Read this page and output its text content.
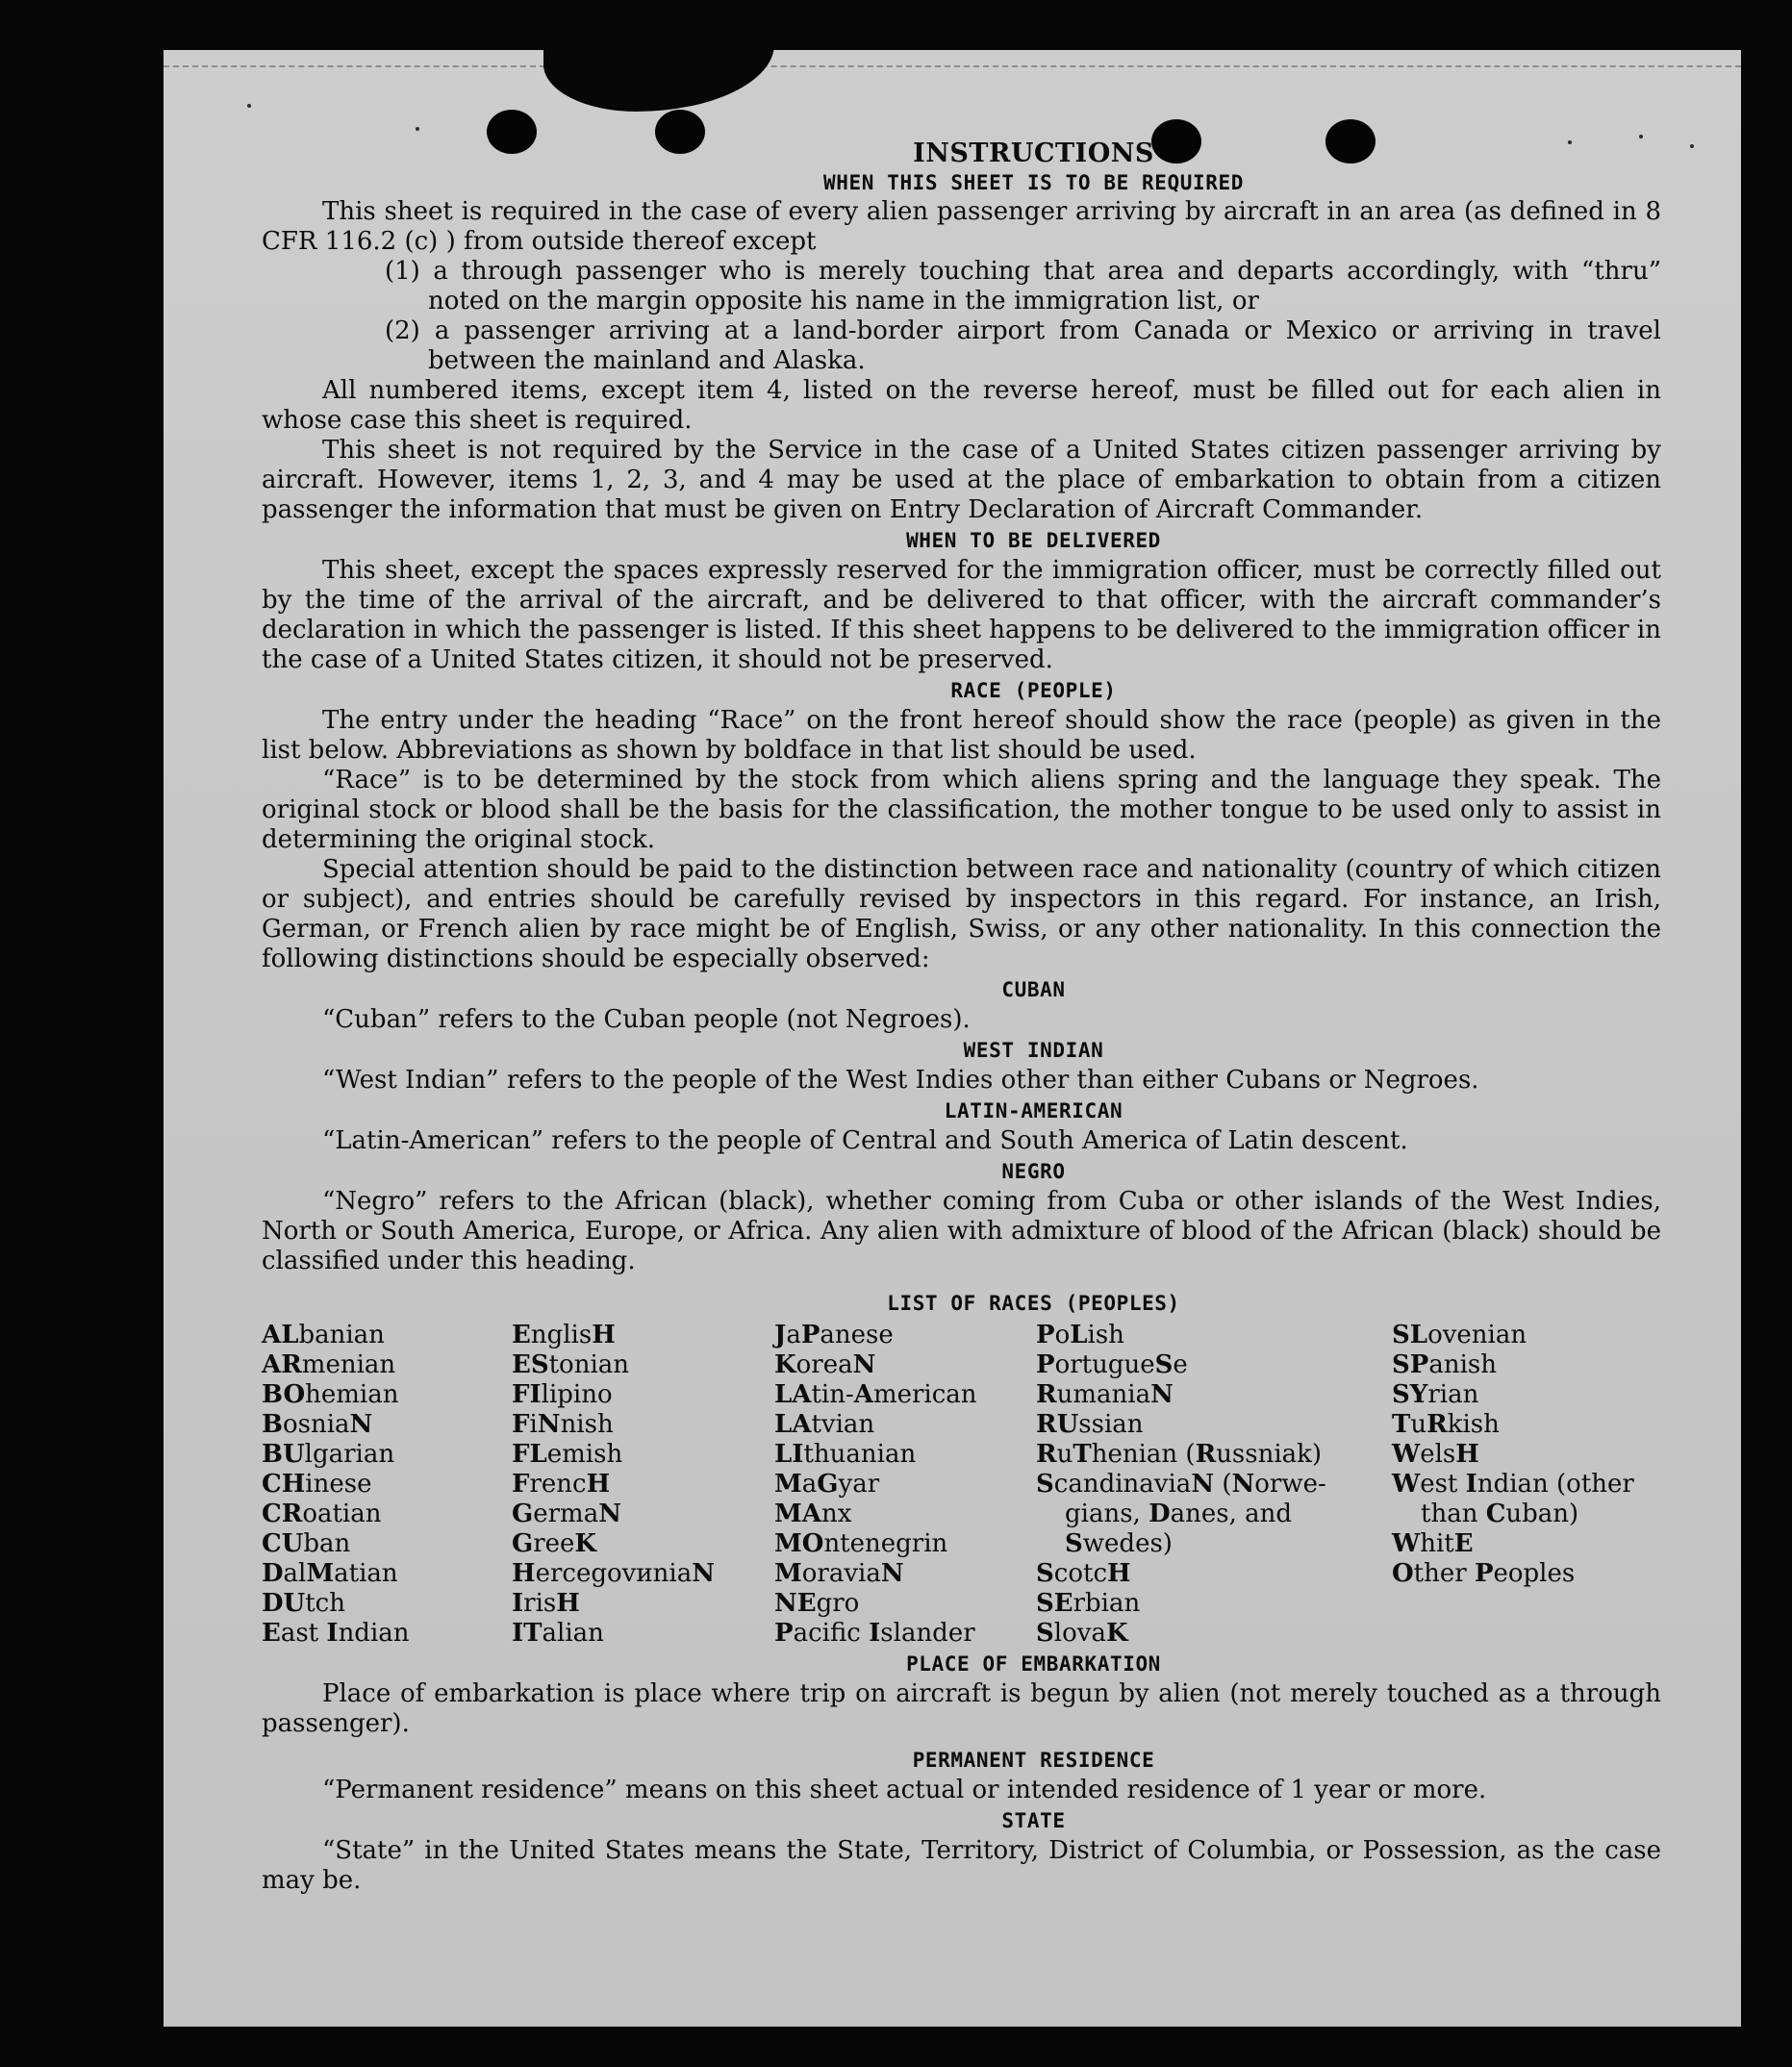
INSTRUCTIONS
WHEN THIS SHEET IS TO BE REQUIRED

This sheet is required in the case of every alien passenger arriving by aircraft in an area (as defined in 8 CFR 116.2 (c) ) from outside thereof except

(1) a through passenger who is merely touching that area and departs accordingly, with “thru” noted on the margin opposite his name in the immigration list, or

(2) a passenger arriving at a land-border airport from Canada or Mexico or arriving in travel between the mainland and Alaska.

All numbered items, except item 4, listed on the reverse hereof, must be filled out for each alien in whose case this sheet is required.

This sheet is not required by the Service in the case of a United States citizen passenger arriving by aircraft. However, items 1, 2, 3, and 4 may be used at the place of embarkation to obtain from a citizen passenger the information that must be given on Entry Declaration of Aircraft Commander.

WHEN TO BE DELIVERED

This sheet, except the spaces expressly reserved for the immigration officer, must be correctly filled out by the time of the arrival of the aircraft, and be delivered to that officer, with the aircraft commander’s declaration in which the passenger is listed. If this sheet happens to be delivered to the immigration officer in the case of a United States citizen, it should not be preserved.

RACE (PEOPLE)

The entry under the heading “Race” on the front hereof should show the race (people) as given in the list below. Abbreviations as shown by boldface in that list should be used.

“Race” is to be determined by the stock from which aliens spring and the language they speak. The original stock or blood shall be the basis for the classification, the mother tongue to be used only to assist in determining the original stock.

Special attention should be paid to the distinction between race and nationality (country of which citizen or subject), and entries should be carefully revised by inspectors in this regard. For instance, an Irish, German, or French alien by race might be of English, Swiss, or any other nationality. In this connection the following distinctions should be especially observed:

CUBAN

“Cuban” refers to the Cuban people (not Negroes).

WEST INDIAN

“West Indian” refers to the people of the West Indies other than either Cubans or Negroes.

LATIN-AMERICAN

“Latin-American” refers to the people of Central and South America of Latin descent.

NEGRO

“Negro” refers to the African (black), whether coming from Cuba or other islands of the West Indies, North or South America, Europe, or Africa. Any alien with admixture of blood of the African (black) should be classified under this heading.

LIST OF RACES (PEOPLES)
ALbanian
ARmenian
BOhemian
BosniaN
BUlgarian
CHinese
CRoatian
CUban
DalMatian
DUtch
East Indian
EnglisH
EStonian
FIlipino
FiNnish
FLemish
FrencH
GermaN
GreeK
HercegovиniaN
IrisH
ITalian
JaPanese
KoreaN
LAtin-American
LAtvian
LIthuanian
MaGyar
MAnx
MOntenegrin
MoraviaN
NEgro
Pacific Islander
PoLish
PortugueSe
RumaniaN
RUssian
RuThenian (Russniak)
ScandinaviaN (Norwe-
gians, Danes, and
Swedes)
ScotcH
SErbian
SlovaK
SLovenian
SPanish
SYrian
TuRkish
WelsH
West Indian (other
than Cuban)
WhitE
Other Peoples
PLACE OF EMBARKATION

Place of embarkation is place where trip on aircraft is begun by alien (not merely touched as a through passenger).

PERMANENT RESIDENCE

“Permanent residence” means on this sheet actual or intended residence of 1 year or more.

STATE

“State” in the United States means the State, Territory, District of Columbia, or Possession, as the case may be.
